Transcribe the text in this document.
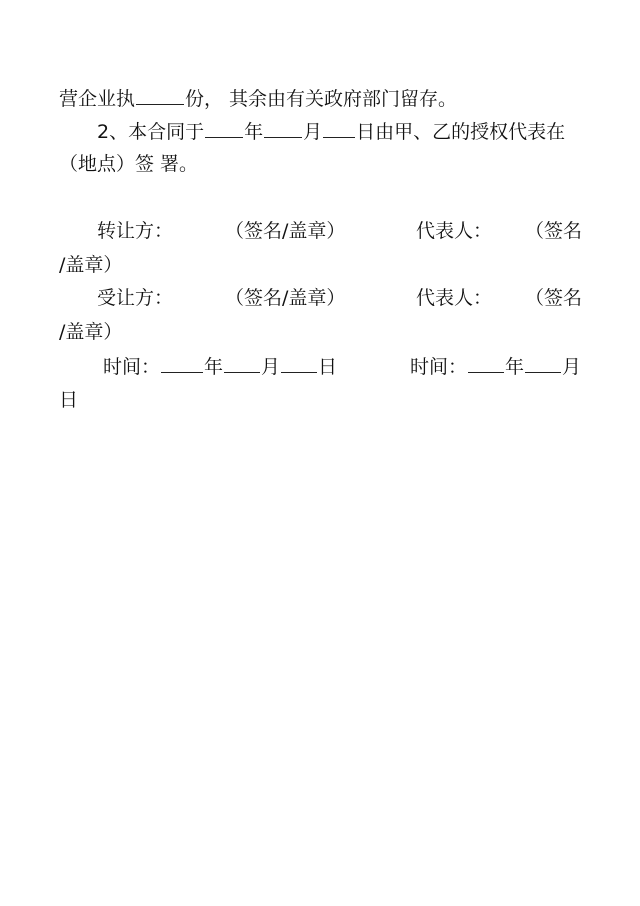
营企业执	份， 其余由有关政府部门留存。
2、本合同于 年 月 日由甲、乙的授权代表在
（地点）签 署。
转让方：	（签名/盖章）	代表人： （签名
/盖章）
受让方：	（签名/盖章）	代表人： （签名
/盖章）
时间： 年 月 日	时间： 年 月
日
